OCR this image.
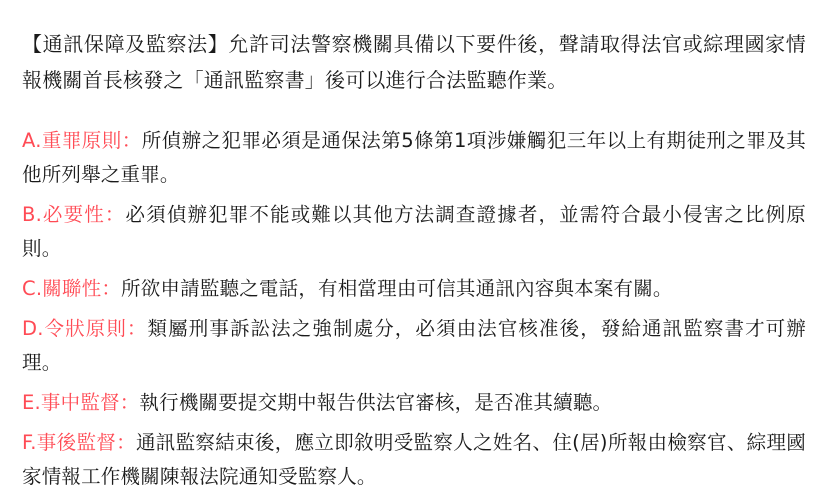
【通訊保障及監察法】允許司法警察機關具備以下要件後，聲請取得法官或綜理國家情報機關首長核發之「通訊監察書」後可以進行合法監聽作業。

A.重罪原則：所偵辦之犯罪必須是通保法第5條第1項涉嫌觸犯三年以上有期徒刑之罪及其他所列舉之重罪。

B.必要性：必須偵辦犯罪不能或難以其他方法調查證據者，並需符合最小侵害之比例原則。

C.關聯性：所欲申請監聽之電話，有相當理由可信其通訊內容與本案有關。

D.令狀原則：類屬刑事訴訟法之強制處分，必須由法官核准後，發給通訊監察書才可辦理。

E.事中監督：執行機關要提交期中報告供法官審核，是否准其續聽。

F.事後監督：通訊監察結束後，應立即敘明受監察人之姓名、住(居)所報由檢察官、綜理國家情報工作機關陳報法院通知受監察人。
